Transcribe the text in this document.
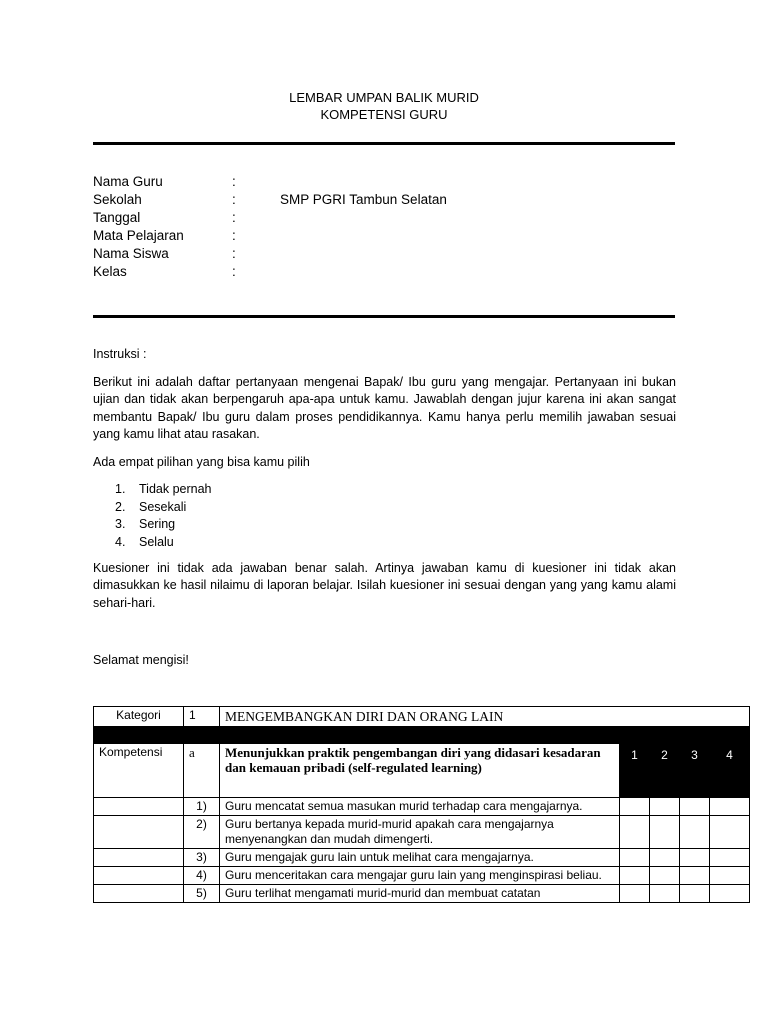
LEMBAR UMPAN BALIK MURID
KOMPETENSI GURU
Nama Guru	:
Sekolah	:	SMP PGRI Tambun Selatan
Tanggal	:
Mata Pelajaran	:
Nama Siswa	:
Kelas	:
Instruksi :
Berikut ini adalah daftar pertanyaan mengenai Bapak/ Ibu guru yang mengajar. Pertanyaan ini bukan ujian dan tidak akan berpengaruh apa-apa untuk kamu. Jawablah dengan jujur karena ini akan sangat membantu Bapak/ Ibu guru dalam proses pendidikannya. Kamu hanya perlu memilih jawaban sesuai yang kamu lihat atau rasakan.
Ada empat pilihan yang bisa kamu pilih
1. Tidak pernah
2. Sesekali
3. Sering
4. Selalu
Kuesioner ini tidak ada jawaban benar salah. Artinya jawaban kamu di kuesioner ini tidak akan dimasukkan ke hasil nilaimu di laporan belajar. Isilah kuesioner ini sesuai dengan yang yang kamu alami sehari-hari.
Selamat mengisi!
Kategori	1	MENGEMBANGKAN DIRI DAN ORANG LAIN				

Kompetensi	a	Menunjukkan praktik pengembangan diri yang didasari kesadaran dan kemauan pribadi (self-regulated learning)	1	2	3	4
	1)	Guru mencatat semua masukan murid terhadap cara mengajarnya.				
	2)	Guru bertanya kepada murid-murid apakah cara mengajarnya menyenangkan dan mudah dimengerti.				
	3)	Guru mengajak guru lain untuk melihat cara mengajarnya.				
	4)	Guru menceritakan cara mengajar guru lain yang menginspirasi beliau.				
	5)	Guru terlihat mengamati murid-murid dan membuat catatan				
